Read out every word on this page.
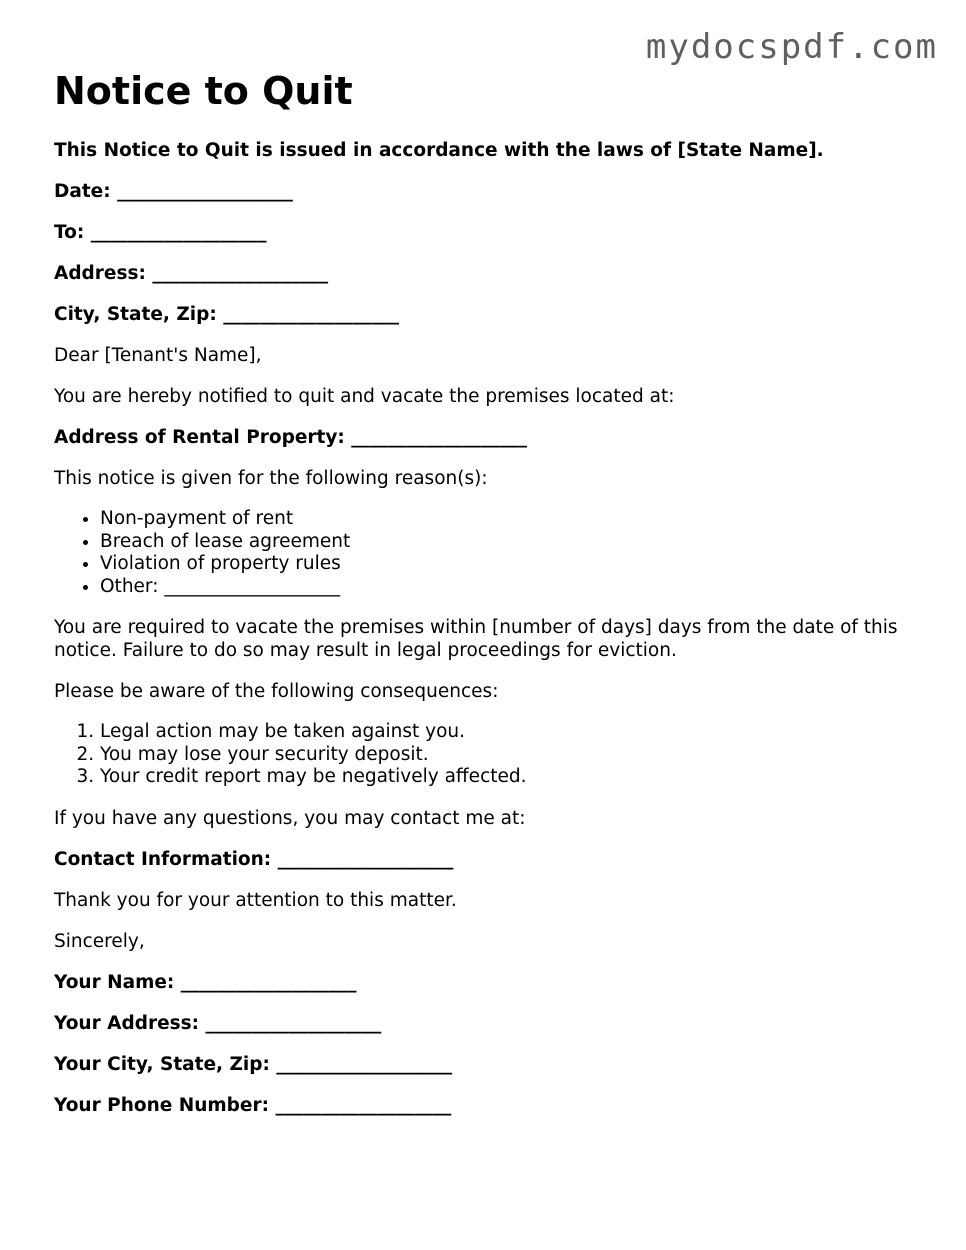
mydocspdf.com
Notice to Quit

This Notice to Quit is issued in accordance with the laws of [State Name].

Date: ___________________

To: ___________________

Address: ___________________

City, State, Zip: ___________________

Dear [Tenant's Name],

You are hereby notified to quit and vacate the premises located at:

Address of Rental Property: ___________________

This notice is given for the following reason(s):

• Non-payment of rent
• Breach of lease agreement
• Violation of property rules
• Other: ___________________

You are required to vacate the premises within [number of days] days from the date of this notice. Failure to do so may result in legal proceedings for eviction.

Please be aware of the following consequences:

1. Legal action may be taken against you.
2. You may lose your security deposit.
3. Your credit report may be negatively affected.

If you have any questions, you may contact me at:

Contact Information: ___________________

Thank you for your attention to this matter.

Sincerely,

Your Name: ___________________

Your Address: ___________________

Your City, State, Zip: ___________________

Your Phone Number: ___________________
